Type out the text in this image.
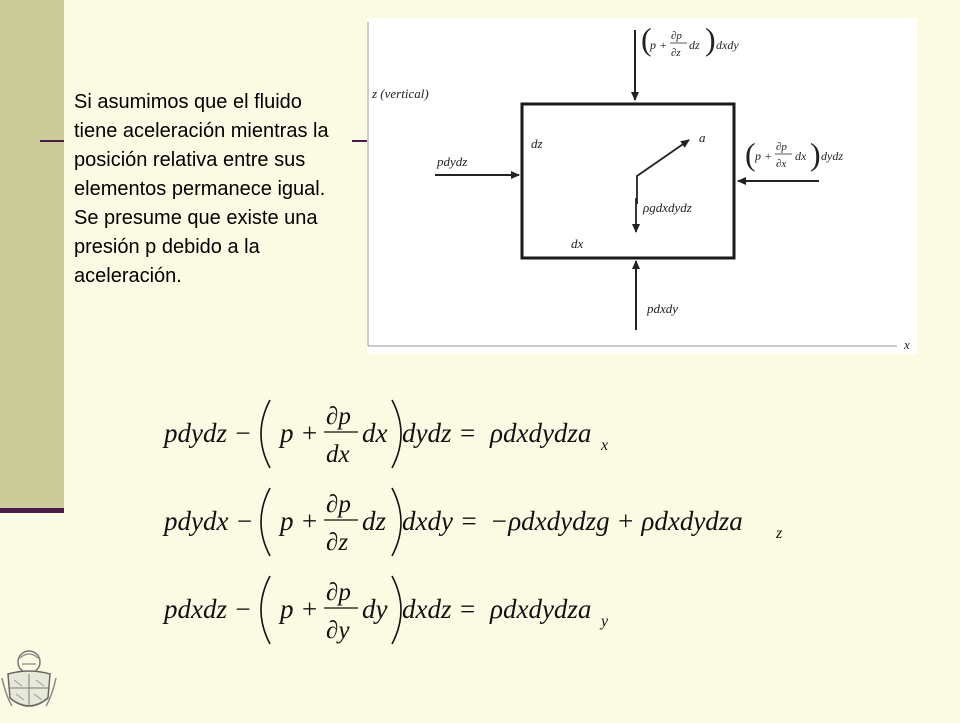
Si asumimos que el fluido tiene aceleración mientras la posición relativa entre sus elementos permanece igual. Se presume que existe una presión p debido a la aceleración.
z (vertical)
x
dz
dx
a
ρgdxdydz
pdydz
pdxdy
(
p +
∂p
∂z
dz ) dxdy
( p +
∂p
∂x
dx ) dydz
pdydz − p +
∂p
dx
dx dydz = ρdxdydza x
pdydx − p +
∂p
∂z
dz dxdy = −ρdxdydzg + ρdxdydza z
pdxdz − p +
∂p
∂y
dy dxdz = ρdxdydza y
